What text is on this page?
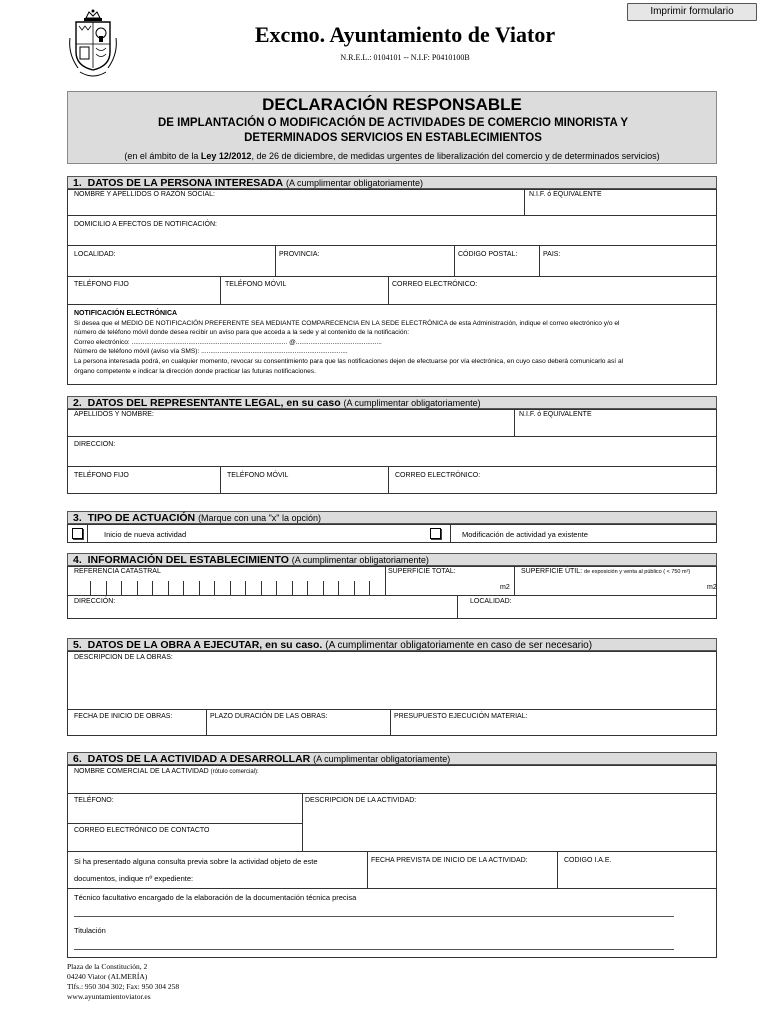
Imprimir formulario
Excmo. Ayuntamiento de Viator
N.R.E.L.: 0104101 -- N.I.F: P0410100B
DECLARACIÓN RESPONSABLE
DE IMPLANTACIÓN O MODIFICACIÓN DE ACTIVIDADES DE COMERCIO MINORISTA Y DETERMINADOS SERVICIOS EN ESTABLECIMIENTOS
(en el ámbito de la Ley 12/2012, de 26 de diciembre, de medidas urgentes de liberalización del comercio y de determinados servicios)
1. DATOS DE LA PERSONA INTERESADA (A cumplimentar obligatoriamente)
NOMBRE Y APELLIDOS O RAZÓN SOCIAL:	N.I.F. ó EQUIVALENTE
DOMICILIO A EFECTOS DE NOTIFICACIÓN:
LOCALIDAD:	PROVINCIA:	CÓDIGO POSTAL:	PAIS:
TELÉFONO FIJO	TELÉFONO MÓVIL	CORREO ELECTRÓNICO:
NOTIFICACIÓN ELECTRÓNICA
Si desea que el MEDIO DE NOTIFICACIÓN PREFERENTE SEA MEDIANTE COMPARECENCIA EN LA SEDE ELECTRÓNICA de esta Administración, indique el correo electrónico y/o el
número de teléfono móvil donde desea recibir un aviso para que acceda a la sede y al contenido de la notificación:
Correo electrónico: ..................................................................................... @...............................................
Número de teléfono móvil (aviso vía SMS): ................................................................................
La persona interesada podrá, en cualquier momento, revocar su consentimiento para que las notificaciones dejen de efectuarse por vía electrónica, en cuyo caso deberá comunicarlo así al
órgano competente e indicar la dirección donde practicar las futuras notificaciones.
2. DATOS DEL REPRESENTANTE LEGAL, en su caso (A cumplimentar obligatoriamente)
APELLIDOS Y NOMBRE:	N.I.F. ó EQUIVALENTE
DIRECCION:
TELÉFONO FIJO	TELÉFONO MÓVIL	CORREO ELECTRÓNICO:
3. TIPO DE ACTUACIÓN (Marque con una "x" la opción)
Inicio de nueva actividad	Modificación de actividad ya existente
4. INFORMACIÓN DEL ESTABLECIMIENTO (A cumplimentar obligatoriamente)
REFERENCIA CATASTRAL	SUPERFICIE TOTAL:
m2
SUPERFICIE ÚTIL: de exposición y venta al público ( < 750 m²)
m2
DIRECCIÓN:	LOCALIDAD:
5. DATOS DE LA OBRA A EJECUTAR, en su caso. (A cumplimentar obligatoriamente en caso de ser necesario)
DESCRIPCION DE LA OBRAS:
FECHA DE INICIO DE OBRAS:	PLAZO DURACIÓN DE LAS OBRAS:	PRESUPUESTO EJECUCIÓN MATERIAL:
6. DATOS DE LA ACTIVIDAD A DESARROLLAR (A cumplimentar obligatoriamente)
NOMBRE COMERCIAL DE LA ACTIVIDAD (rótulo comercial):
TELÉFONO:	DESCRIPCION DE LA ACTIVIDAD:
CORREO ELECTRÓNICO DE CONTACTO
Si ha presentado alguna consulta previa sobre la actividad objeto de este
documentos, indique nº expediente:
FECHA PREVISTA DE INICIO DE LA ACTIVIDAD:	CODIGO I.A.E.
Técnico facultativo encargado de la elaboración de la documentación técnica precisa
Titulación
Plaza de la Constitución, 2
04240 Viator (ALMERÍA)
Tlfs.: 950 304 302; Fax: 950 304 258
www.ayuntamientoviator.es
